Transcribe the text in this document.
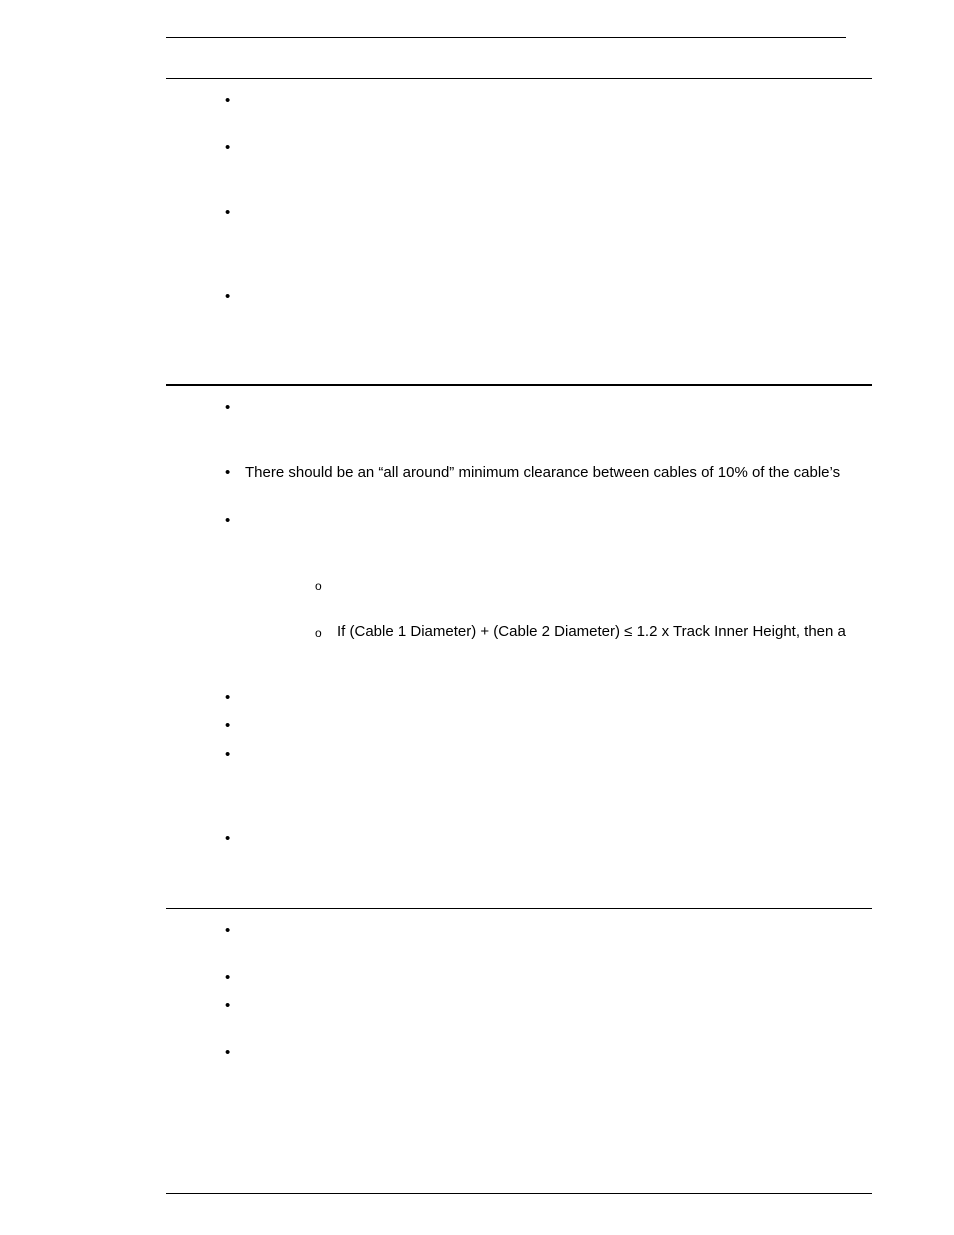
•
•
•
•
•
• There should be an “all around” minimum clearance between cables of 10% of the cable’s
•
o
o If (Cable 1 Diameter) + (Cable 2 Diameter) ≤ 1.2 x Track Inner Height, then a
•
•
•
•
•
•
•
•
